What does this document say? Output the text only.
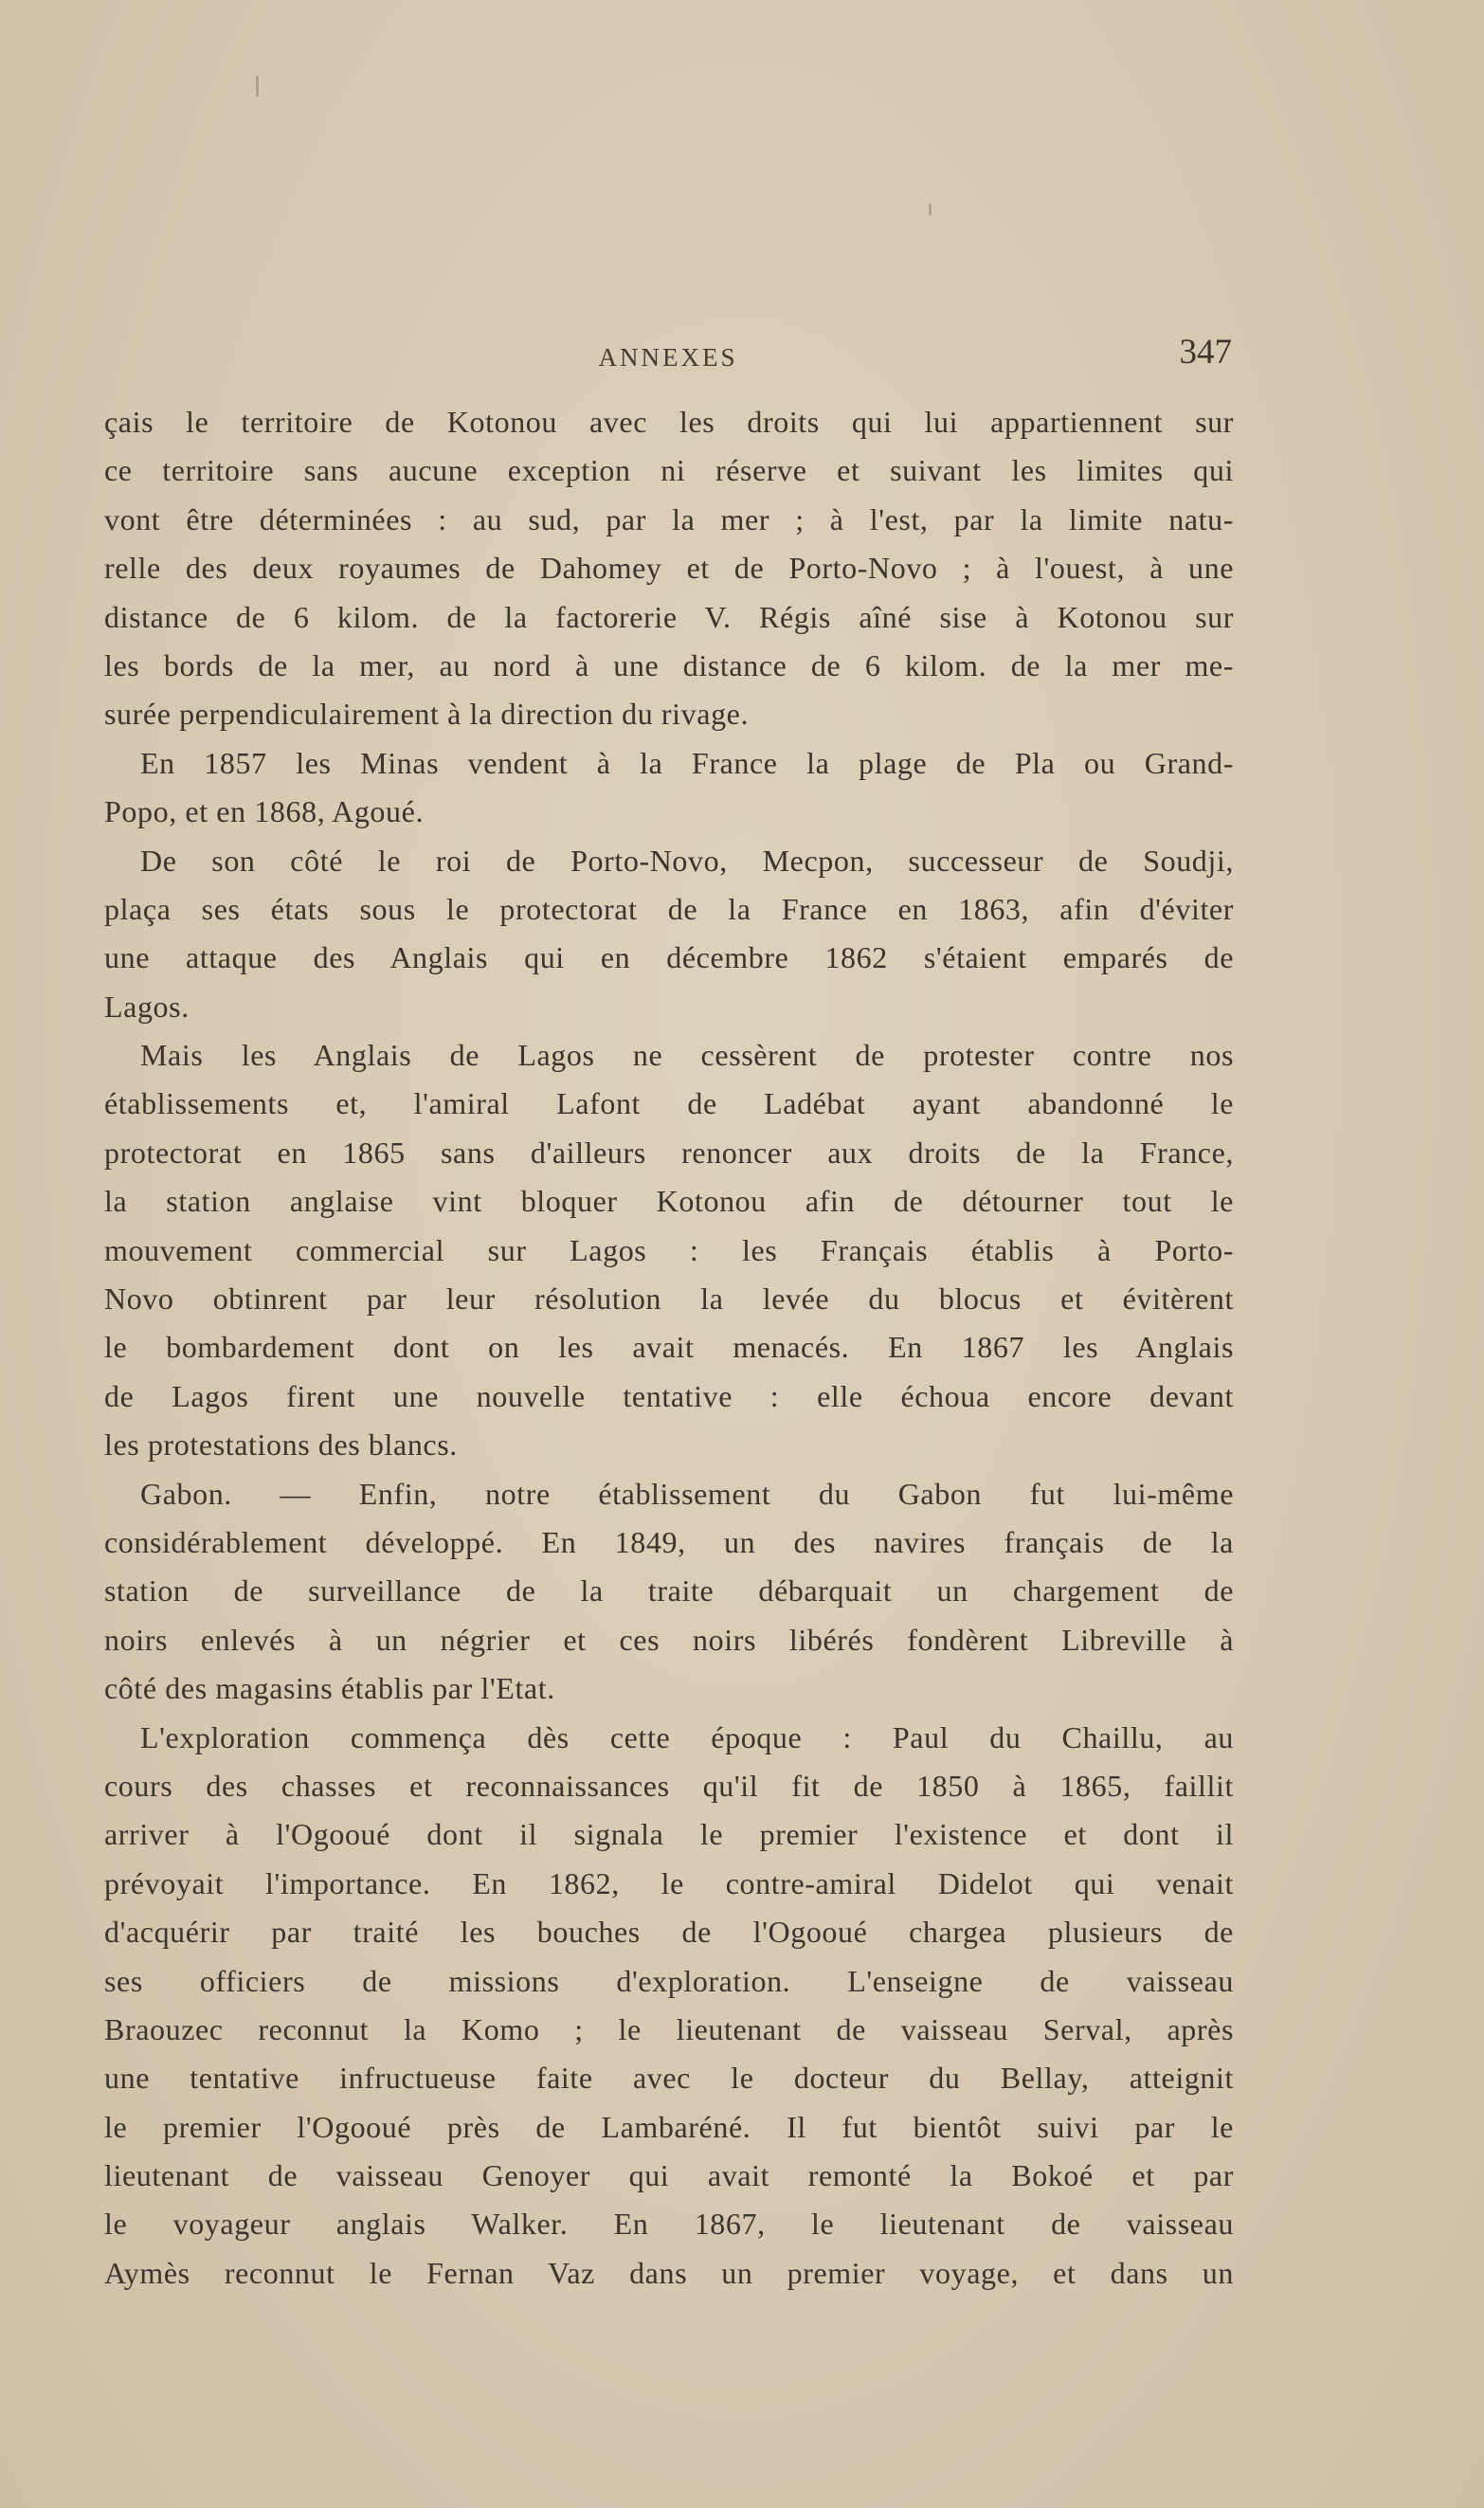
ANNEXES	347
çais le territoire de Kotonou avec les droits qui lui appartiennent sur
ce territoire sans aucune exception ni réserve et suivant les limites qui
vont être déterminées : au sud, par la mer ; à l'est, par la limite natu-
relle des deux royaumes de Dahomey et de Porto-Novo ; à l'ouest, à une
distance de 6 kilom. de la factorerie V. Régis aîné sise à Kotonou sur
les bords de la mer, au nord à une distance de 6 kilom. de la mer me-
surée perpendiculairement à la direction du rivage.
En 1857 les Minas vendent à la France la plage de Pla ou Grand-
Popo, et en 1868, Agoué.
De son côté le roi de Porto-Novo, Mecpon, successeur de Soudji,
plaça ses états sous le protectorat de la France en 1863, afin d'éviter
une attaque des Anglais qui en décembre 1862 s'étaient emparés de
Lagos.
Mais les Anglais de Lagos ne cessèrent de protester contre nos
établissements et, l'amiral Lafont de Ladébat ayant abandonné le
protectorat en 1865 sans d'ailleurs renoncer aux droits de la France,
la station anglaise vint bloquer Kotonou afin de détourner tout le
mouvement commercial sur Lagos : les Français établis à Porto-
Novo obtinrent par leur résolution la levée du blocus et évitèrent
le bombardement dont on les avait menacés. En 1867 les Anglais
de Lagos firent une nouvelle tentative : elle échoua encore devant
les protestations des blancs.
Gabon. — Enfin, notre établissement du Gabon fut lui-même
considérablement développé. En 1849, un des navires français de la
station de surveillance de la traite débarquait un chargement de
noirs enlevés à un négrier et ces noirs libérés fondèrent Libreville à
côté des magasins établis par l'Etat.
L'exploration commença dès cette époque : Paul du Chaillu, au
cours des chasses et reconnaissances qu'il fit de 1850 à 1865, faillit
arriver à l'Ogooué dont il signala le premier l'existence et dont il
prévoyait l'importance. En 1862, le contre-amiral Didelot qui venait
d'acquérir par traité les bouches de l'Ogooué chargea plusieurs de
ses officiers de missions d'exploration. L'enseigne de vaisseau
Braouzec reconnut la Komo ; le lieutenant de vaisseau Serval, après
une tentative infructueuse faite avec le docteur du Bellay, atteignit
le premier l'Ogooué près de Lambaréné. Il fut bientôt suivi par le
lieutenant de vaisseau Genoyer qui avait remonté la Bokoé et par
le voyageur anglais Walker. En 1867, le lieutenant de vaisseau
Aymès reconnut le Fernan Vaz dans un premier voyage, et dans un
